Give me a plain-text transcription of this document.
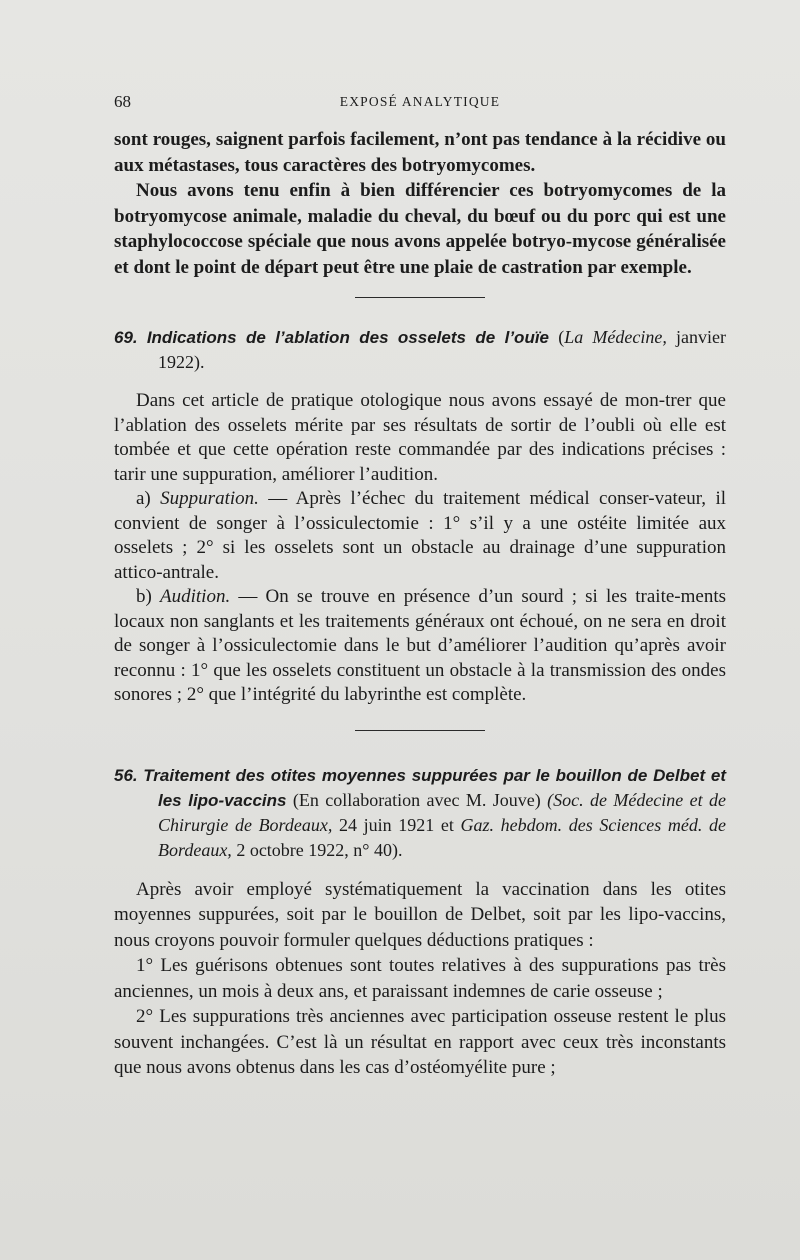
68	EXPOSÉ ANALYTIQUE

sont rouges, saignent parfois facilement, n’ont pas tendance à la récidive ou aux métastases, tous caractères des botryomycomes.

Nous avons tenu enfin à bien différencier ces botryomycomes de la botryomycose animale, maladie du cheval, du bœuf ou du porc qui est une staphylococcose spéciale que nous avons appelée botryo-mycose généralisée et dont le point de départ peut être une plaie de castration par exemple.

69. Indications de l’ablation des osselets de l’ouïe (La Médecine, janvier 1922).

Dans cet article de pratique otologique nous avons essayé de mon-trer que l’ablation des osselets mérite par ses résultats de sortir de l’oubli où elle est tombée et que cette opération reste commandée par des indications précises : tarir une suppuration, améliorer l’audition.

a) Suppuration. — Après l’échec du traitement médical conser-vateur, il convient de songer à l’ossiculectomie : 1° s’il y a une ostéite limitée aux osselets ; 2° si les osselets sont un obstacle au drainage d’une suppuration attico-antrale.

b) Audition. — On se trouve en présence d’un sourd ; si les traite-ments locaux non sanglants et les traitements généraux ont échoué, on ne sera en droit de songer à l’ossiculectomie dans le but d’améliorer l’audition qu’après avoir reconnu : 1° que les osselets constituent un obstacle à la transmission des ondes sonores ; 2° que l’intégrité du labyrinthe est complète.

56. Traitement des otites moyennes suppurées par le bouillon de Delbet et les lipo-vaccins (En collaboration avec M. Jouve) (Soc. de Médecine et de Chirurgie de Bordeaux, 24 juin 1921 et Gaz. hebdom. des Sciences méd. de Bordeaux, 2 octobre 1922, n° 40).

Après avoir employé systématiquement la vaccination dans les otites moyennes suppurées, soit par le bouillon de Delbet, soit par les lipo-vaccins, nous croyons pouvoir formuler quelques déductions pratiques :

1° Les guérisons obtenues sont toutes relatives à des suppurations pas très anciennes, un mois à deux ans, et paraissant indemnes de carie osseuse ;

2° Les suppurations très anciennes avec participation osseuse restent le plus souvent inchangées. C’est là un résultat en rapport avec ceux très inconstants que nous avons obtenus dans les cas d’ostéomyélite pure ;
